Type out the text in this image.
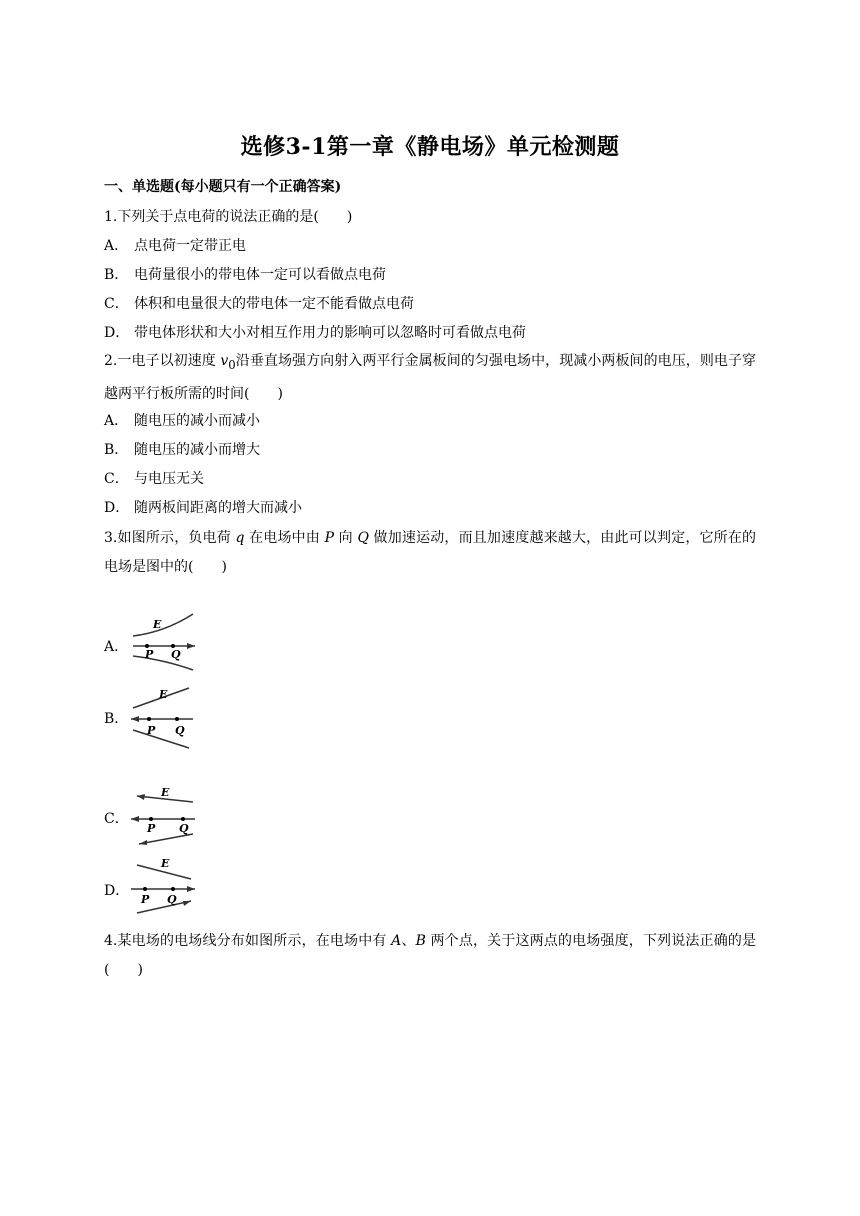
选修3-1第一章《静电场》单元检测题
一、单选题(每小题只有一个正确答案)
1.下列关于点电荷的说法正确的是(　　)
A． 点电荷一定带正电
B． 电荷量很小的带电体一定可以看做点电荷
C． 体积和电量很大的带电体一定不能看做点电荷
D． 带电体形状和大小对相互作用力的影响可以忽略时可看做点电荷
2.一电子以初速度 $v_0$沿垂直场强方向射入两平行金属板间的匀强电场中，现减小两板间的电压，则电子穿越两平行板所需的时间(　　)
A． 随电压的减小而减小
B． 随电压的减小而增大
C． 与电压无关
D． 随两板间距离的增大而减小
3.如图所示，负电荷 q 在电场中由 P 向 Q 做加速运动，而且加速度越来越大，由此可以判定，它所在的电场是图中的(　　)
A．
E
P Q
B．
E
P Q
C．
E
P Q
D．
E
P Q
4.某电场的电场线分布如图所示，在电场中有 A、B 两个点，关于这两点的电场强度，下列说法正确的是(　　)
